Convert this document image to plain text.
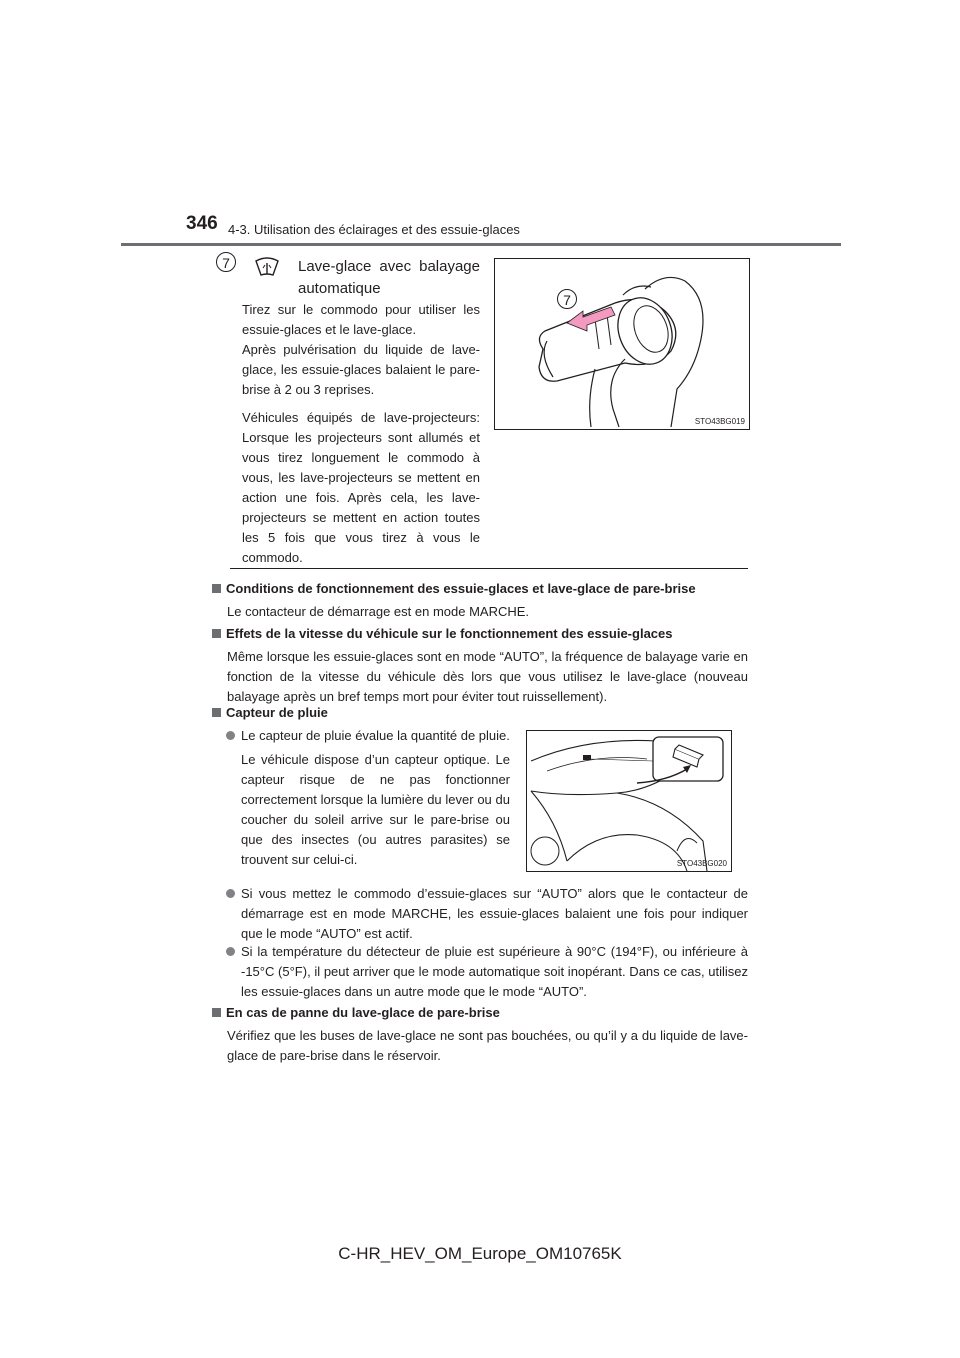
346 4-3. Utilisation des éclairages et des essuie-glaces
7	Lave-glace avec balayage automatique

Tirez sur le commodo pour utiliser les essuie-glaces et le lave-glace.

Après pulvérisation du liquide de lave-glace, les essuie-glaces balaient le pare-brise à 2 ou 3 reprises.

Véhicules équipés de lave-projecteurs: Lorsque les projecteurs sont allumés et vous tirez longuement le commodo à vous, les lave-projecteurs se mettent en action une fois. Après cela, les lave-projecteurs se mettent en action toutes les 5 fois que vous tirez à vous le commodo.

7
STO43BG019
Conditions de fonctionnement des essuie-glaces et lave-glace de pare-brise
Le contacteur de démarrage est en mode MARCHE.
Effets de la vitesse du véhicule sur le fonctionnement des essuie-glaces
Même lorsque les essuie-glaces sont en mode “AUTO”, la fréquence de balayage varie en fonction de la vitesse du véhicule dès lors que vous utilisez le lave-glace (nouveau balayage après un bref temps mort pour éviter tout ruissellement).
Capteur de pluie
Le capteur de pluie évalue la quantité de pluie.
Le véhicule dispose d’un capteur optique. Le capteur risque de ne pas fonctionner correctement lorsque la lumière du lever ou du coucher du soleil arrive sur le pare-brise ou que des insectes (ou autres parasites) se trouvent sur celui-ci.	STO43BG020
Si vous mettez le commodo d’essuie-glaces sur “AUTO” alors que le contacteur de démarrage est en mode MARCHE, les essuie-glaces balaient une fois pour indiquer que le mode “AUTO” est actif.
Si la température du détecteur de pluie est supérieure à 90°C (194°F), ou inférieure à -15°C (5°F), il peut arriver que le mode automatique soit inopérant. Dans ce cas, utilisez les essuie-glaces dans un autre mode que le mode “AUTO”.
En cas de panne du lave-glace de pare-brise
Vérifiez que les buses de lave-glace ne sont pas bouchées, ou qu’il y a du liquide de lave-glace de pare-brise dans le réservoir.
C-HR_HEV_OM_Europe_OM10765K
